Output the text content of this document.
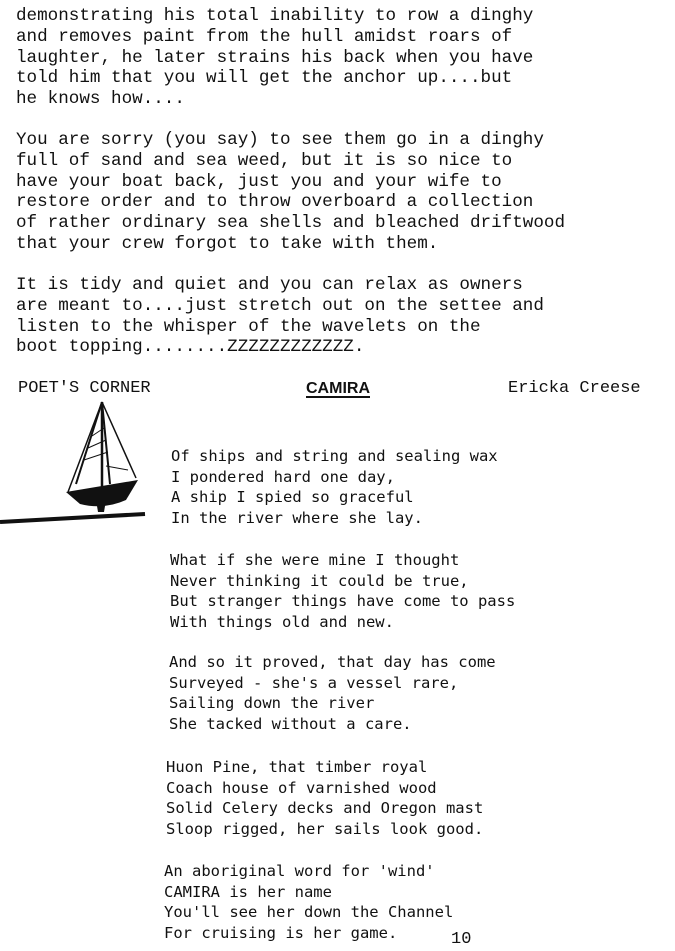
demonstrating his total inability to row a dinghy
and removes paint from the hull amidst roars of
laughter, he later strains his back when you have
told him that you will get the anchor up....but
he knows how....
You are sorry (you say) to see them go in a dinghy
full of sand and sea weed, but it is so nice to
have your boat back, just you and your wife to
restore order and to throw overboard a collection
of rather ordinary sea shells and bleached driftwood
that your crew forgot to take with them.
It is tidy and quiet and you can relax as owners
are meant to....just stretch out on the settee and
listen to the whisper of the wavelets on the
boot topping........ZZZZZZZZZZZZ.
POET'S CORNER	CAMIRA	Ericka Creese
Of ships and string and sealing wax
I pondered hard one day,
A ship I spied so graceful
In the river where she lay.
What if she were mine I thought
Never thinking it could be true,
But stranger things have come to pass
With things old and new.
And so it proved, that day has come
Surveyed - she's a vessel rare,
Sailing down the river
She tacked without a care.
Huon Pine, that timber royal
Coach house of varnished wood
Solid Celery decks and Oregon mast
Sloop rigged, her sails look good.
An aboriginal word for 'wind'
CAMIRA is her name
You'll see her down the Channel
For cruising is her game.	10
